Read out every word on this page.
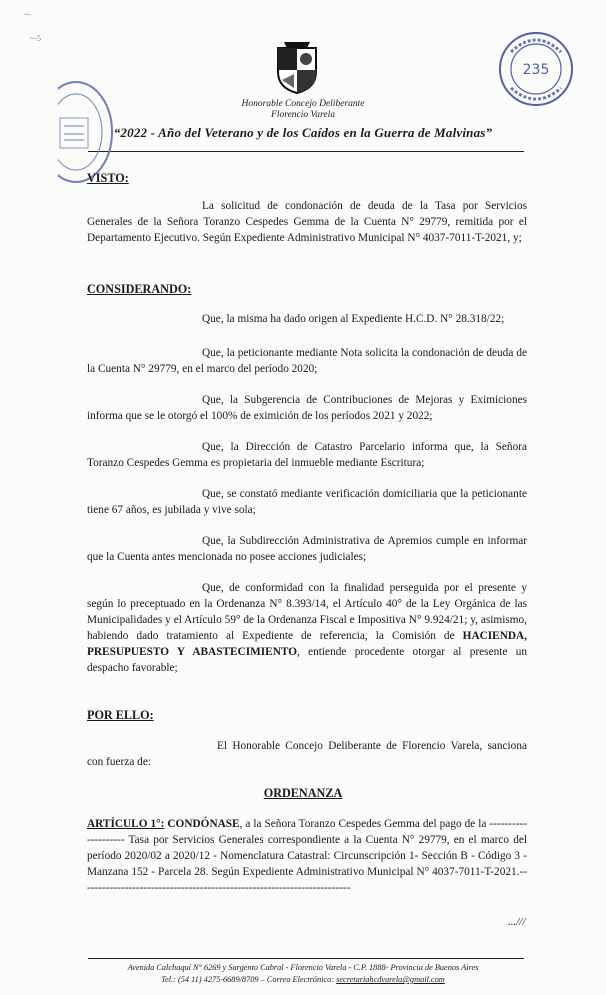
~-
~-5
Honorable Concejo Deliberante
Florencio Varela
“2022 - Año del Veterano y de los Caídos en la Guerra de Malvinas”
235
VISTO:
La solicitud de condonación de deuda de la Tasa por Servicios Generales de la Señora Toranzo Cespedes Gemma de la Cuenta N° 29779, remitida por el Departamento Ejecutivo. Según Expediente Administrativo Municipal N° 4037-7011-T-2021, y;
CONSIDERANDO:
Que, la misma ha dado origen al Expediente H.C.D. N° 28.318/22;
Que, la peticionante mediante Nota solicita la condonación de deuda de la Cuenta N° 29779, en el marco del período 2020;
Que, la Subgerencia de Contribuciones de Mejoras y Eximiciones informa que se le otorgó el 100% de eximición de los períodos 2021 y 2022;
Que, la Dirección de Catastro Parcelario informa que, la Señora Toranzo Cespedes Gemma es propietaria del inmueble mediante Escritura;
Que, se constató mediante verificación domiciliaria que la peticionante tiene 67 años, es jubilada y vive sola;
Que, la Subdirección Administrativa de Apremios cumple en informar que la Cuenta antes mencionada no posee acciones judiciales;
Que, de conformidad con la finalidad perseguida por el presente y según lo preceptuado en la Ordenanza N° 8.393/14, el Artículo 40° de la Ley Orgánica de las Municipalidades y el Artículo 59° de la Ordenanza Fiscal e Impositiva N° 9.924/21; y, asimismo, habiendo dado tratamiento al Expediente de referencia, la Comisión de HACIENDA, PRESUPUESTO Y ABASTECIMIENTO, entiende procedente otorgar al presente un despacho favorable;
POR ELLO:
El Honorable Concejo Deliberante de Florencio Varela, sanciona con fuerza de:
ORDENANZA
ARTÍCULO 1°: CONDÓNASE, a la Señora Toranzo Cespedes Gemma del pago de la -------------------- Tasa por Servicios Generales correspondiente a la Cuenta N° 29779, en el marco del período 2020/02 a 2020/12 - Nomenclatura Catastral: Circunscripción 1- Sección B - Código 3 - Manzana 152 - Parcela 28. Según Expediente Administrativo Municipal N° 4037-7011-T-2021.------------------------------------------------------------------------
...///
Avenida Calchaquí N° 6269 y Sargento Cabral - Florencio Varela - C.P. 1888- Provincia de Buenos Aires
Tel.: (54 11) 4275-6689/8709 – Correo Electrónico: secretariahcdvarela@gmail.com
